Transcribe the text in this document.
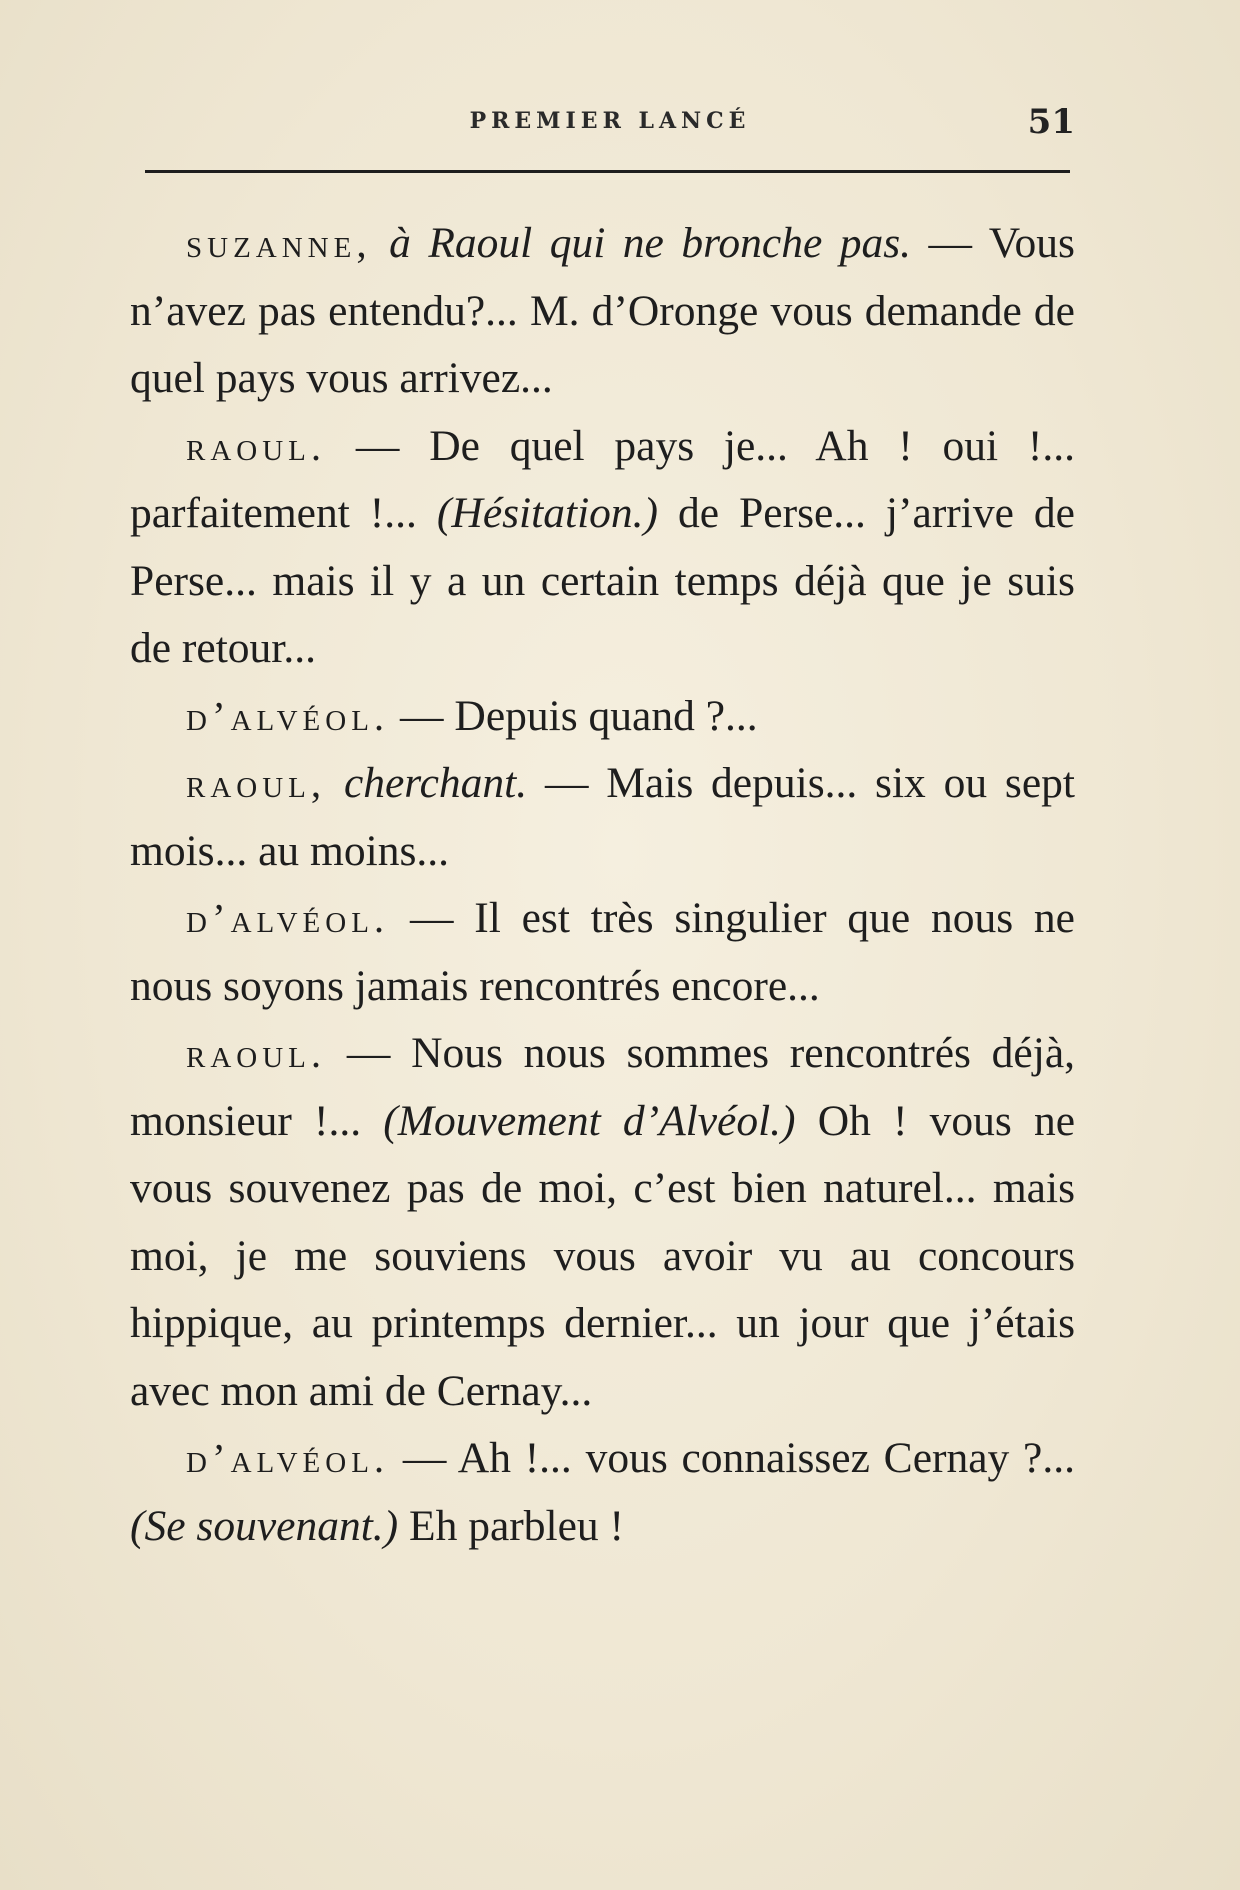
PREMIER LANCÉ	51

suzanne, à Raoul qui ne bronche pas. — Vous n’avez pas entendu?... M. d’Oronge vous demande de quel pays vous arrivez...

raoul. — De quel pays je... Ah ! oui !... parfaitement !... (Hésitation.) de Perse... j’arrive de Perse... mais il y a un certain temps déjà que je suis de retour...

d’alvéol. — Depuis quand ?...

raoul, cherchant. — Mais depuis... six ou sept mois... au moins...

d’alvéol. — Il est très singulier que nous ne nous soyons jamais rencontrés encore...

raoul. — Nous nous sommes rencontrés déjà, monsieur !... (Mouvement d’Alvéol.) Oh ! vous ne vous souvenez pas de moi, c’est bien naturel... mais moi, je me souviens vous avoir vu au concours hippique, au printemps dernier... un jour que j’étais avec mon ami de Cernay...

d’alvéol. — Ah !... vous connaissez Cernay ?... (Se souvenant.) Eh parbleu !
